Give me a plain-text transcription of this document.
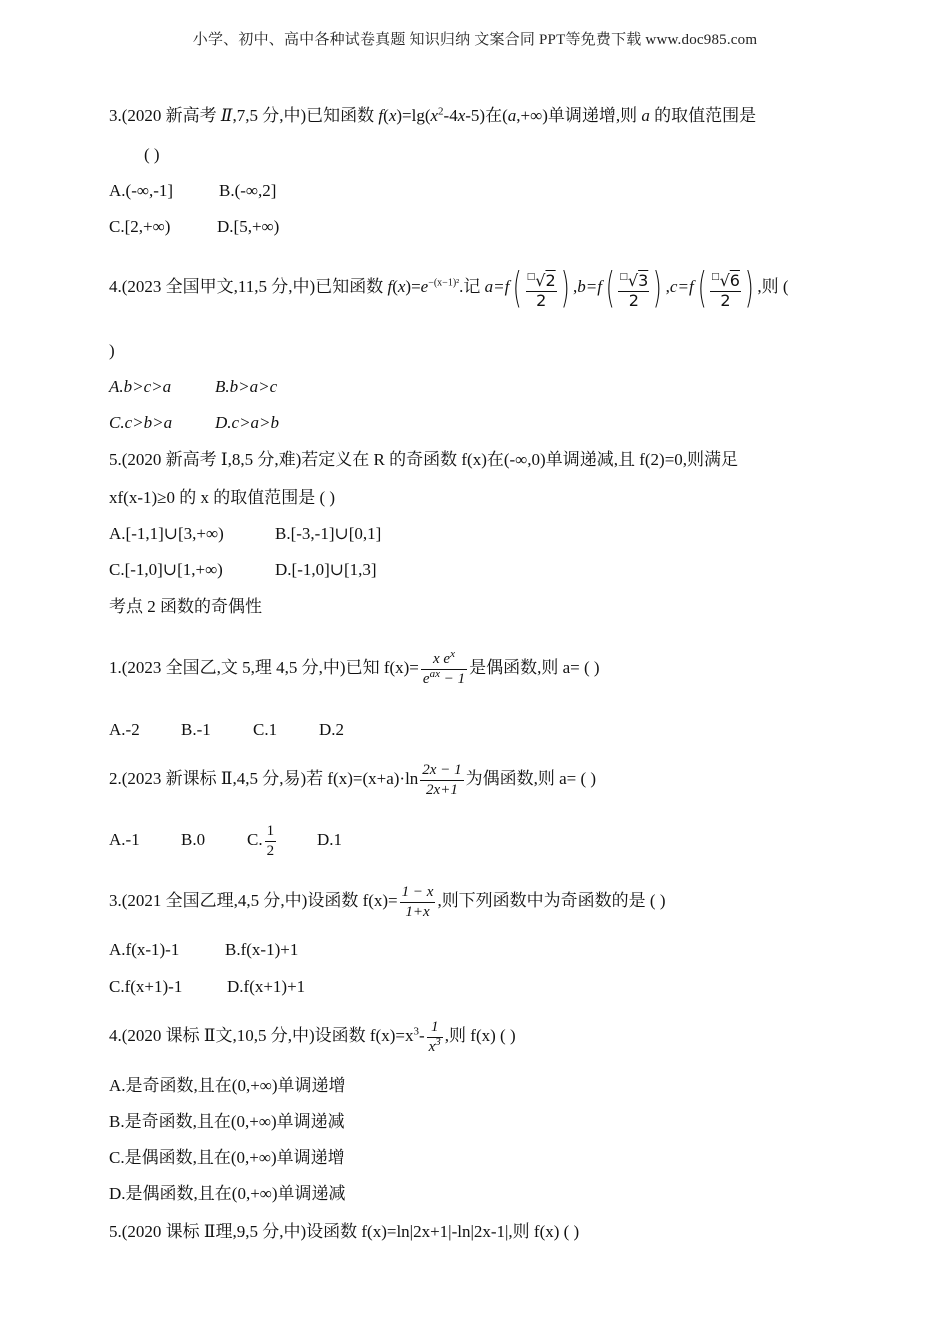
小学、初中、高中各种试卷真题 知识归纳 文案合同 PPT等免费下载 www.doc985.com
3.(2020 新高考 Ⅱ,7,5 分,中)已知函数 $f(x)=\lg(x^2-4x-5)$在(a,+∞)单调递增,则 a 的取值范围是
( )
A.(-∞,-1]	B.(-∞,2]
C.[2,+∞)	D.[5,+∞)
4.(2023 全国甲文,11,5 分,中)已知函数 $f(x)=e^{-(x-1)^2}$.记 $a=f( \frac{^□√2}{2}$ ) $,b=f( \frac{^□√3}{2}$ ) $,c=f( \frac{^□√6}{2}$ ) ,则 (
)
A.b>c>a	B.b>a>c
C.c>b>a	D.c>a>b
5.(2020 新高考 Ⅰ,8,5 分,难)若定义在 R 的奇函数 f(x)在(-∞,0)单调递减,且 f(2)=0,则满足
xf(x-1)≥0 的 x 的取值范围是 ( )
A.[-1,1]∪[3,+∞)	B.[-3,-1]∪[0,1]
C.[-1,0]∪[1,+∞)	D.[-1,0]∪[1,3]
考点 2 函数的奇偶性
1.(2023 全国乙,文 5,理 4,5 分,中)已知 $f(x)= \frac{x e^x}{e^{ax} - 1}$ 是偶函数,则 a= ( )
A.-2 B.-1 C.1 D.2
2.(2023 新课标 Ⅱ,4,5 分,易)若 $f(x)=(x+a)\cdot\ln \frac{2x - 1}{2x+1}$ 为偶函数,则 a= ( )
A.-1 B.0 C. $\frac{1}{2} D.1$
3.(2021 全国乙理,4,5 分,中)设函数 $f(x)= \frac{1 - x}{1+x}$ ,则下列函数中为奇函数的是 ( )
A.f(x-1)-1	B.f(x-1)+1
C.f(x+1)-1	D.f(x+1)+1
4.(2020 课标 Ⅱ文,10,5 分,中)设函数 $f(x)=x^3- \frac{1}{x^3}$ ,则 f(x) ( )
A.是奇函数,且在(0,+∞)单调递增
B.是奇函数,且在(0,+∞)单调递减
C.是偶函数,且在(0,+∞)单调递增
D.是偶函数,且在(0,+∞)单调递减
5.(2020 课标 Ⅱ理,9,5 分,中)设函数 f(x)=ln|2x+1|-ln|2x-1|,则 f(x) ( )
